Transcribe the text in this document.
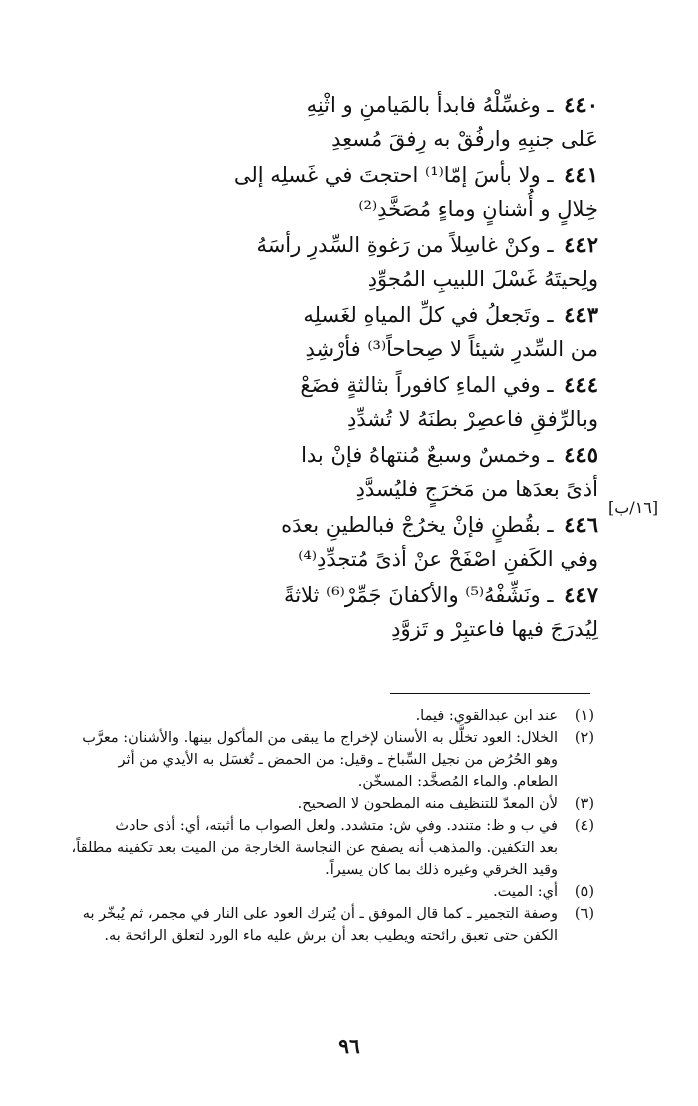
٤٤٠ ـ وغسِّلْهُ فابدأ بالمَيامنِ و اثْنِهِ
عَلى جنبِهِ وارفُقْ به رِفقَ مُسعِدِ
٤٤١ ـ ولا بأسَ إمّا⁽¹⁾ احتجتَ في غَسلِه إلى
خِلالٍ و أُشنانٍ وماءٍ مُصَخَّدِ⁽²⁾
٤٤٢ ـ وكنْ غاسِلاً من رَغوةِ السِّدرِ رأسَهُ
ولِحيتَهُ غَسْلَ اللبيبِ المُجوِّدِ
٤٤٣ ـ وتَجعلُ في كلِّ المياهِ لغَسلِه
من السِّدرِ شيئاً لا صِحاحاً⁽³⁾ فأرْشِدِ
٤٤٤ ـ وفي الماءِ كافوراً بثالثةٍ فضَعْ
وبالرِّفقِ فاعصِرْ بطنَهُ لا تُشدِّدِ
٤٤٥ ـ وخمسٌ وسبعٌ مُنتهاهُ فإنْ بدا
أذىً بعدَها من مَخرَجٍ فليُسدَّدِ
٤٤٦ ـ بقُطنٍ فإنْ يخرُجْ فبالطينِ بعدَه
وفي الكَفنِ اصْفَحْ عنْ أذىً مُتجدِّدِ⁽⁴⁾
٤٤٧ ـ ونَشِّفْهُ⁽⁵⁾ والأكفانَ جَمِّرْ⁽⁶⁾ ثلاثةً
لِيُدرَجَ فيها فاعتبِرْ و تَزوَّدِ
[١٦/ب]
(١)عند ابن عبدالقوي: فيما.
(٢)الخلال: العود تخلَّل به الأسنان لإخراج ما يبقى من المأكول بينها. والأشنان: معرَّب
وهو الحُرُض من نجيل السِّباخ ـ وقيل: من الحمض ـ تُغسَل به الأيدي من أثر
الطعام. والماء المُصخَّد: المسخّن.
(٣)لأن المعدّ للتنظيف منه المطحون لا الصحيح.
(٤)في ب و ظ: متندد. وفي ش: متشدد. ولعل الصواب ما أثبته، أي: أذى حادث
بعد التكفين. والمذهب أنه يصفح عن النجاسة الخارجة من الميت بعد تكفينه مطلقاً،
وقيد الخرقي وغيره ذلك بما كان يسيراً.
(٥)أي: الميت.
(٦)وصفة التجمير ـ كما قال الموفق ـ أن يُترك العود على النار في مجمر، ثم يُبخّر به
الكفن حتى تعبق رائحته ويطيب بعد أن برش عليه ماء الورد لتعلق الرائحة به.
٩٦
